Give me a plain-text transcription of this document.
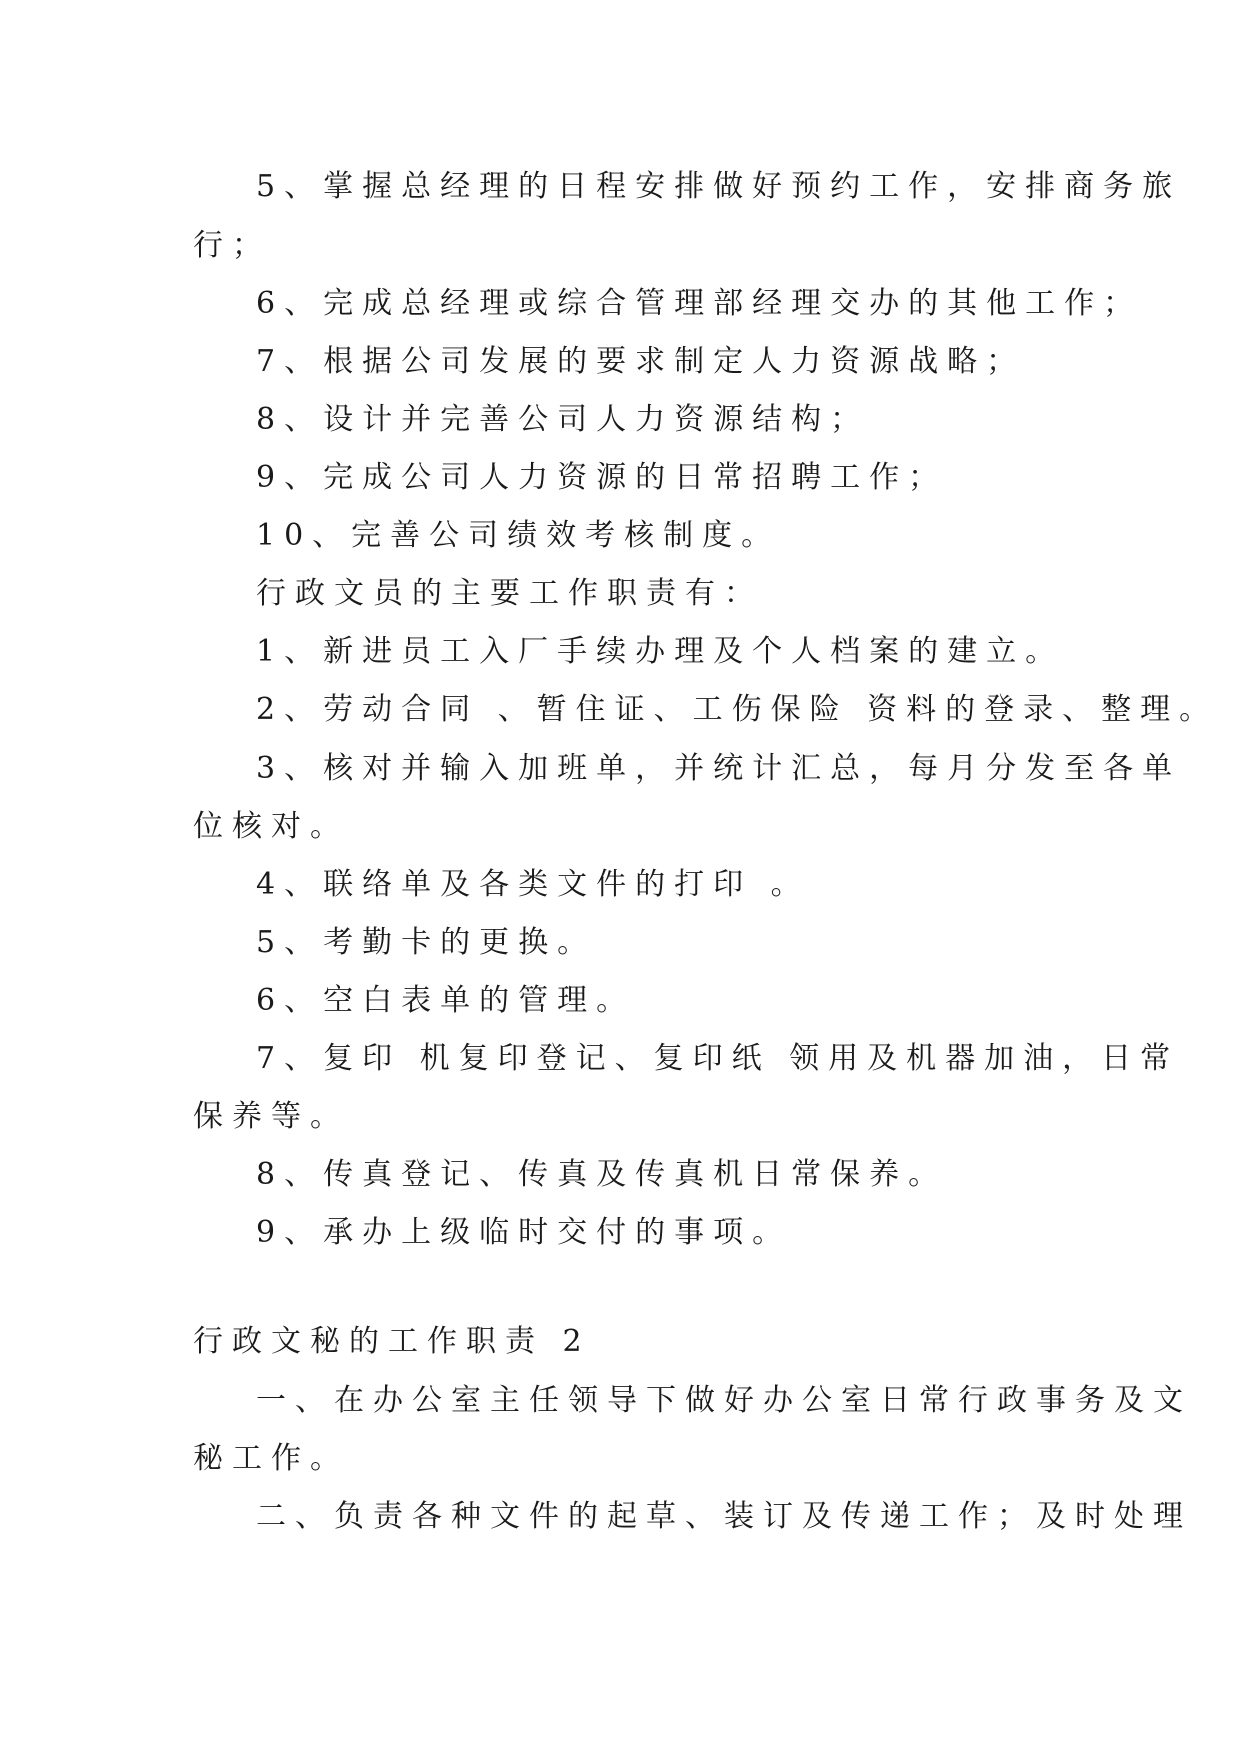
5、掌握总经理的日程安排做好预约工作，安排商务旅
行；
6、完成总经理或综合管理部经理交办的其他工作；
7、根据公司发展的要求制定人力资源战略；
8、设计并完善公司人力资源结构；
9、完成公司人力资源的日常招聘工作；
10、完善公司绩效考核制度。
行政文员的主要工作职责有：
1、新进员工入厂手续办理及个人档案的建立。
2、劳动合同 、暂住证、工伤保险 资料的登录、整理。
3、核对并输入加班单，并统计汇总，每月分发至各单
位核对。
4、联络单及各类文件的打印 。
5、考勤卡的更换。
6、空白表单的管理。
7、复印 机复印登记、复印纸 领用及机器加油，日常
保养等。
8、传真登记、传真及传真机日常保养。
9、承办上级临时交付的事项。
行政文秘的工作职责 2
一、在办公室主任领导下做好办公室日常行政事务及文
秘工作。
二、负责各种文件的起草、装订及传递工作；及时处理
